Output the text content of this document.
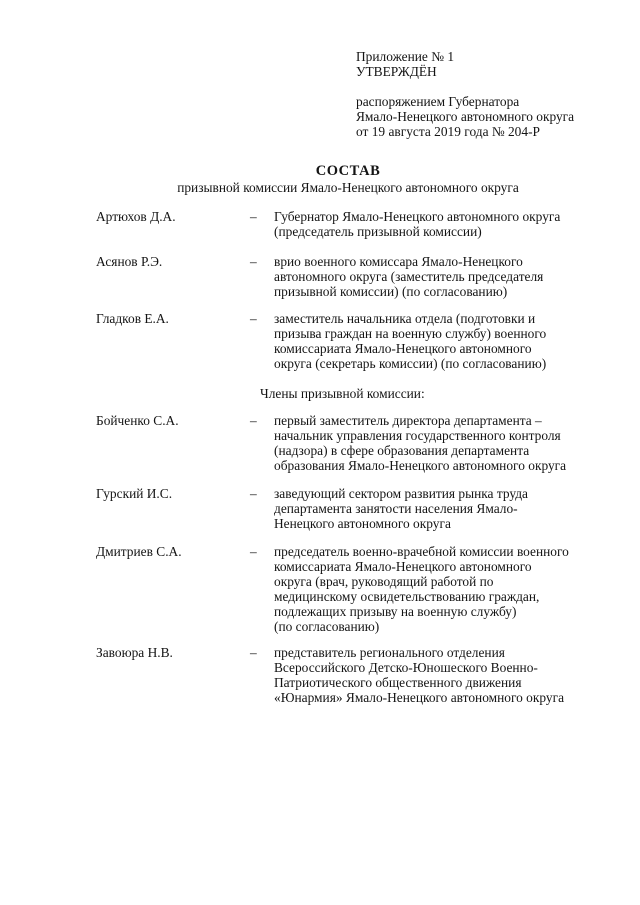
Приложение № 1
УТВЕРЖДЁН
распоряжением Губернатора
Ямало-Ненецкого автономного округа
от 19 августа 2019 года № 204-Р
СОСТАВ
призывной комиссии Ямало-Ненецкого автономного округа
Артюхов Д.А.	– Губернатор Ямало-Ненецкого автономного округа
(председатель призывной комиссии)
Асянов Р.Э.	– врио военного комиссара Ямало-Ненецкого
автономного округа (заместитель председателя
призывной комиссии) (по согласованию)
Гладков Е.А.	– заместитель начальника отдела (подготовки и
призыва граждан на военную службу) военного
комиссариата Ямало-Ненецкого автономного
округа (секретарь комиссии) (по согласованию)
Члены призывной комиссии:
Бойченко С.А.	– первый заместитель директора департамента –
начальник управления государственного контроля
(надзора) в сфере образования департамента
образования Ямало-Ненецкого автономного округа
Гурский И.С.	– заведующий сектором развития рынка труда
департамента занятости населения Ямало-
Ненецкого автономного округа
Дмитриев С.А.	– председатель военно-врачебной комиссии военного
комиссариата Ямало-Ненецкого автономного
округа (врач, руководящий работой по
медицинскому освидетельствованию граждан,
подлежащих призыву на военную службу)
(по согласованию)
Завоюра Н.В.	– представитель регионального отделения
Всероссийского Детско-Юношеского Военно-
Патриотического общественного движения
«Юнармия» Ямало-Ненецкого автономного округа
